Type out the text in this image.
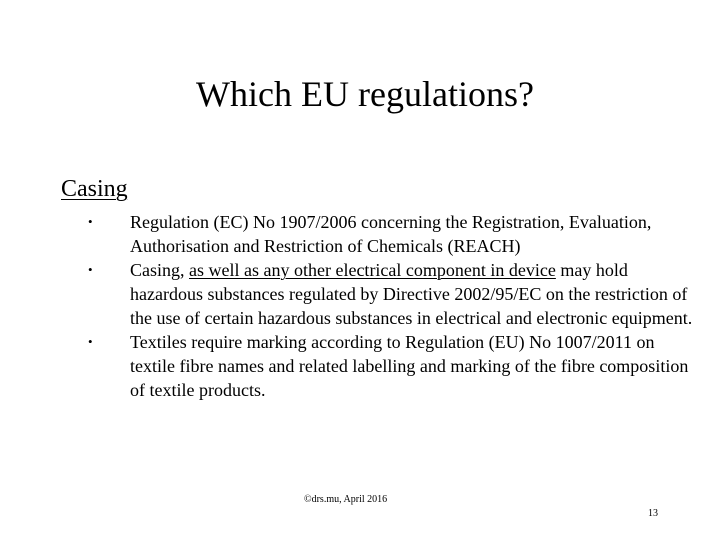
Which EU regulations?
Casing
•	Regulation (EC) No 1907/2006 concerning the Registration, Evaluation, Authorisation and Restriction of Chemicals (REACH)
•	Casing, as well as any other electrical component in device may hold hazardous substances regulated by Directive 2002/95/EC on the restriction of the use of certain hazardous substances in electrical and electronic equipment.
•	Textiles require marking according to Regulation (EU) No 1007/2011 on textile fibre names and related labelling and marking of the fibre composition of textile products.
©drs.mu, April 2016
13
